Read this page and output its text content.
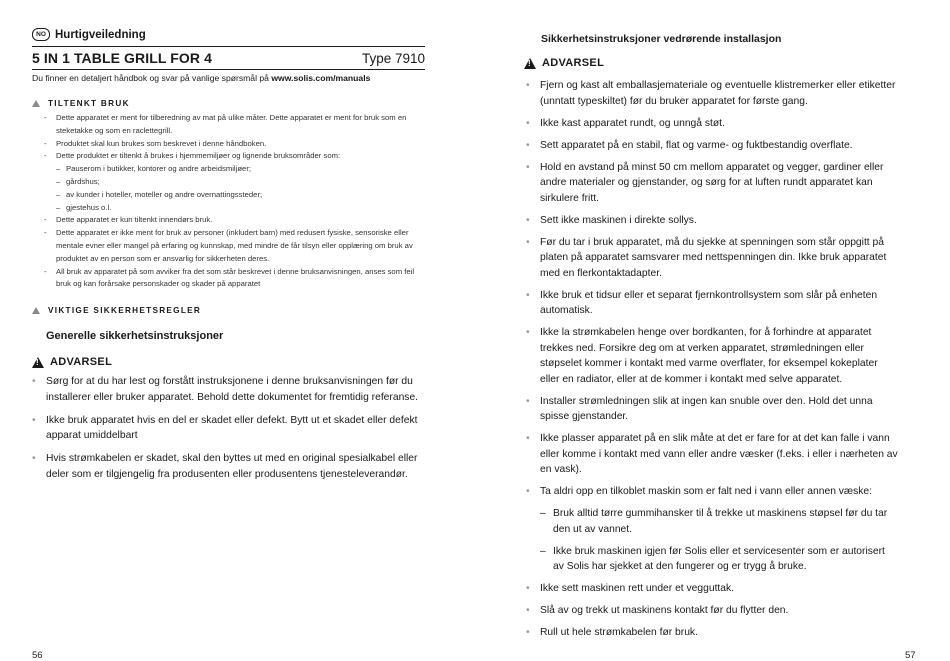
NO Hurtigveiledning
5 IN 1 TABLE GRILL FOR 4	Type 7910
Du finner en detaljert håndbok og svar på vanlige spørsmål på www.solis.com/manuals
TILTENKT BRUK
- Dette apparatet er ment for tilberedning av mat på ulike måter. Dette apparatet er ment for bruk som en steketakke og som en raclettegrill.
- Produktet skal kun brukes som beskrevet i denne håndboken.
- Dette produktet er tiltenkt å brukes i hjemmemiljøer og lignende bruksområder som:
– Pauserom i butikker, kontorer og andre arbeidsmiljøer;
– gårdshus;
– av kunder i hoteller, moteller og andre overnattingssteder;
– gjestehus o.l.
- Dette apparatet er kun tiltenkt innendørs bruk.
- Dette apparatet er ikke ment for bruk av personer (inkludert barn) med redusert fysiske, sensoriske eller mentale evner eller mangel på erfaring og kunnskap, med mindre de får tilsyn eller opplæring om bruk av produktet av en person som er ansvarlig for sikkerheten deres.
- All bruk av apparatet på som avviker fra det som står beskrevet i denne bruksanvisningen, anses som feil bruk og kan forårsake personskader og skader på apparatet
VIKTIGE SIKKERHETSREGLER
Generelle sikkerhetsinstruksjoner
!
ADVARSEL
• Sørg for at du har lest og forstått instruksjonene i denne bruksanvisningen før du installerer eller bruker apparatet. Behold dette dokumentet for fremtidig referanse.
• Ikke bruk apparatet hvis en del er skadet eller defekt. Bytt ut et skadet eller defekt apparat umiddelbart
• Hvis strømkabelen er skadet, skal den byttes ut med en original spesialkabel eller deler som er tilgjengelig fra produsenten eller produsentens tjenesteleverandør.
56
Sikkerhetsinstruksjoner vedrørende installasjon
!
ADVARSEL
• Fjern og kast alt emballasjemateriale og eventuelle klistremerker eller etiketter (unntatt typeskiltet) før du bruker apparatet for første gang.
• Ikke kast apparatet rundt, og unngå støt.
• Sett apparatet på en stabil, flat og varme- og fuktbestandig overflate.
• Hold en avstand på minst 50 cm mellom apparatet og vegger, gardiner eller andre materialer og gjenstander, og sørg for at luften rundt apparatet kan sirkulere fritt.
• Sett ikke maskinen i direkte sollys.
• Før du tar i bruk apparatet, må du sjekke at spenningen som står oppgitt på platen på apparatet samsvarer med nettspenningen din. Ikke bruk apparatet med en flerkontaktadapter.
• Ikke bruk et tidsur eller et separat fjernkontrollsystem som slår på enheten automatisk.
• Ikke la strømkabelen henge over bordkanten, for å forhindre at apparatet trekkes ned. Forsikre deg om at verken apparatet, strømledningen eller støpselet kommer i kontakt med varme overflater, for eksempel kokeplater eller en radiator, eller at de kommer i kontakt med selve apparatet.
• Installer strømledningen slik at ingen kan snuble over den. Hold det unna spisse gjenstander.
• Ikke plasser apparatet på en slik måte at det er fare for at det kan falle i vann eller komme i kontakt med vann eller andre væsker (f.eks. i eller i nærheten av en vask).
• Ta aldri opp en tilkoblet maskin som er falt ned i vann eller annen væske:
– Bruk alltid tørre gummihansker til å trekke ut maskinens støpsel før du tar den ut av vannet.
– Ikke bruk maskinen igjen før Solis eller et servicesenter som er autorisert av Solis har sjekket at den fungerer og er trygg å bruke.
• Ikke sett maskinen rett under et vegguttak.
• Slå av og trekk ut maskinens kontakt før du flytter den.
• Rull ut hele strømkabelen før bruk.
57
